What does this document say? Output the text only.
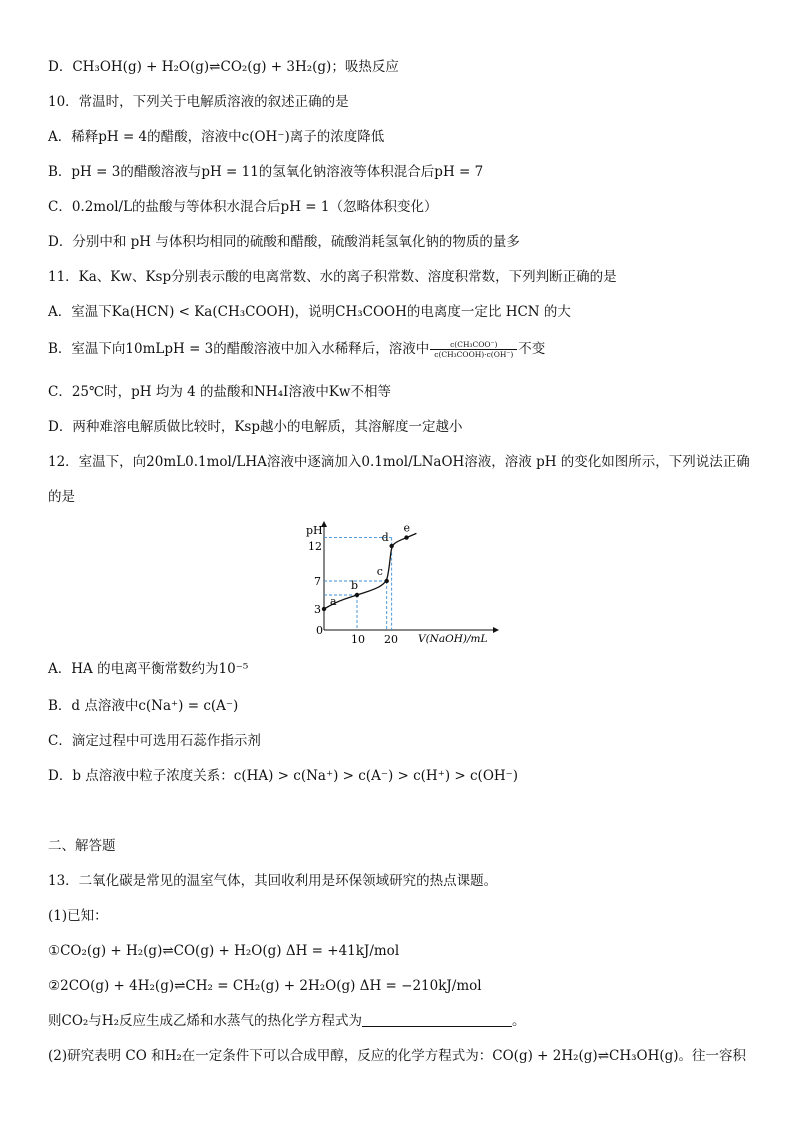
D．CH₃OH(g) + H₂O(g)⇌CO₂(g) + 3H₂(g)；吸热反应
10．常温时，下列关于电解质溶液的叙述正确的是
A．稀释pH = 4的醋酸，溶液中c(OH⁻)离子的浓度降低
B．pH = 3的醋酸溶液与pH = 11的氢氧化钠溶液等体积混合后pH = 7
C．0.2mol/L的盐酸与等体积水混合后pH = 1（忽略体积变化）
D．分别中和 pH 与体积均相同的硫酸和醋酸，硫酸消耗氢氧化钠的物质的量多
11．Ka、Kw、Ksp分别表示酸的电离常数、水的离子积常数、溶度积常数，下列判断正确的是
A．室温下Ka(HCN) < Ka(CH₃COOH)，说明CH₃COOH的电离度一定比 HCN 的大
B．室温下向10mLpH = 3的醋酸溶液中加入水稀释后，溶液中 $\frac{\text{c(CH₃COO⁻)}}{\text{c(CH₃COOH)·c(OH⁻)}}$ 不变
C．25℃时，pH 均为 4 的盐酸和NH₄I溶液中Kw不相等
D．两种难溶电解质做比较时，Ksp越小的电解质，其溶解度一定越小
12．室温下，向20mL0.1mol/LHA溶液中逐滴加入0.1mol/LNaOH溶液，溶液 pH 的变化如图所示，下列说法正确
的是
pH
V(NaOH)/mL
0
a
b
c
d
e
10 20
3
7
12
A．HA 的电离平衡常数约为10⁻⁵
B．d 点溶液中c(Na⁺) = c(A⁻)
C．滴定过程中可选用石蕊作指示剂
D．b 点溶液中粒子浓度关系：c(HA) > c(Na⁺) > c(A⁻) > c(H⁺) > c(OH⁻)
二、解答题
13．二氧化碳是常见的温室气体，其回收利用是环保领域研究的热点课题。
(1)已知：
①CO₂(g) + H₂(g)⇌CO(g) + H₂O(g) ΔH = +41kJ/mol
②2CO(g) + 4H₂(g)⇌CH₂ = CH₂(g) + 2H₂O(g) ΔH = −210kJ/mol
则CO₂与H₂反应生成乙烯和水蒸气的热化学方程式为	。
(2)研究表明 CO 和H₂在一定条件下可以合成甲醇，反应的化学方程式为：CO(g) + 2H₂(g)⇌CH₃OH(g)。往一容积
